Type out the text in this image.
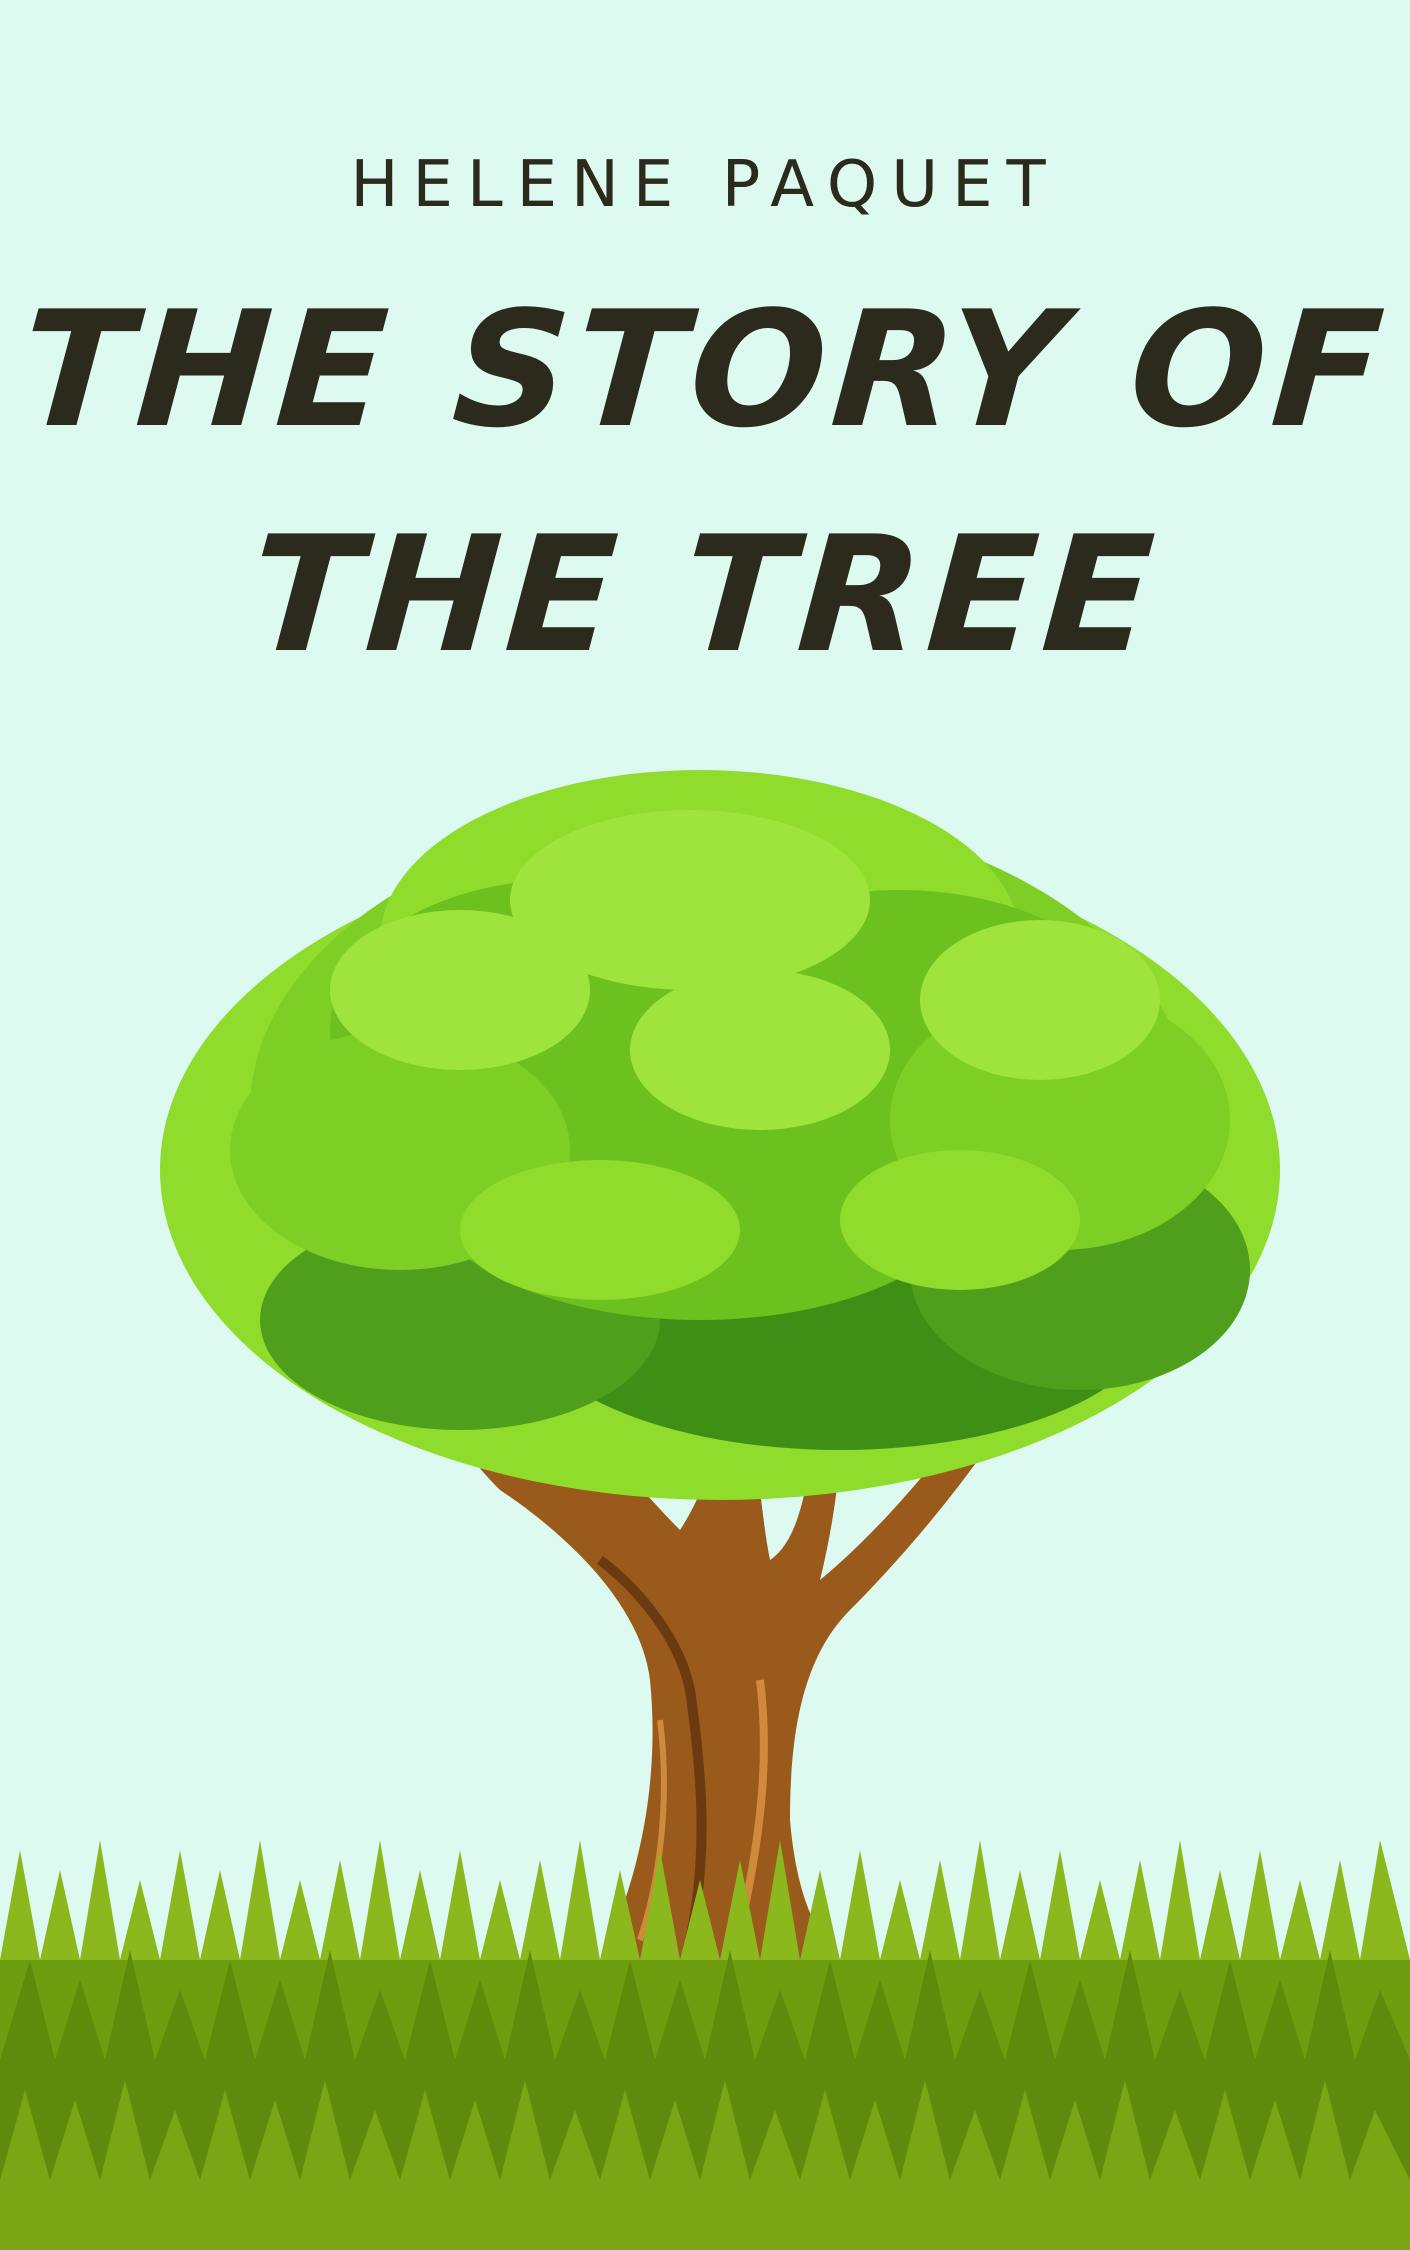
HELENE PAQUET
THE STORY OF
THE TREE
